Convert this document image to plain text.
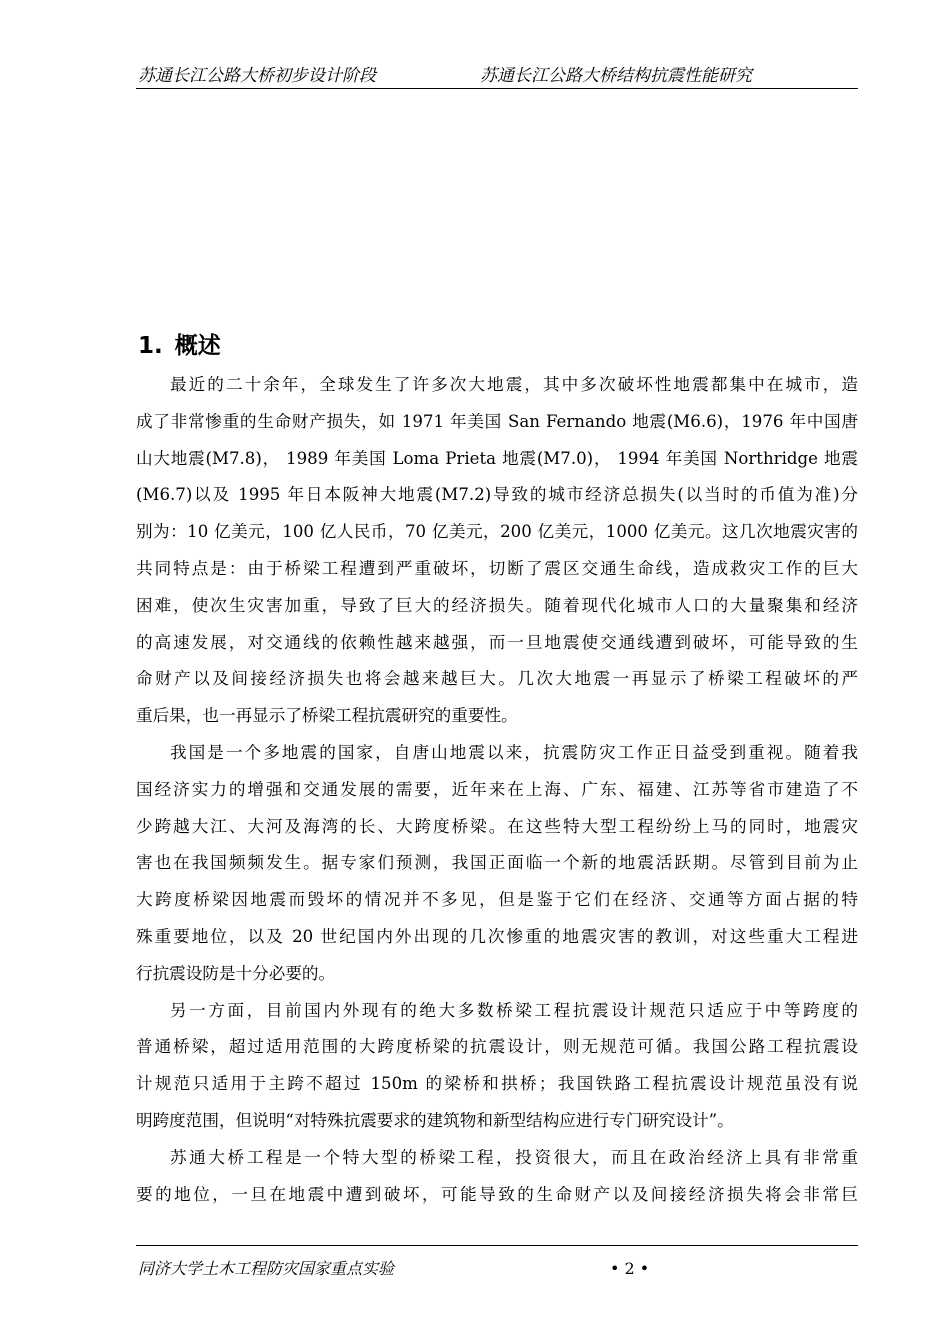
苏通长江公路大桥初步设计阶段	苏通长江公路大桥结构抗震性能研究
1. 概述
最近的二十余年，全球发生了许多次大地震，其中多次破坏性地震都集中在城市，造
成了非常惨重的生命财产损失，如 1971 年美国 San Fernando 地震(M6.6)，1976 年中国唐
山大地震(M7.8)， 1989 年美国 Loma Prieta 地震(M7.0)， 1994 年美国 Northridge 地震
(M6.7)以及 1995 年日本阪神大地震(M7.2)导致的城市经济总损失(以当时的币值为准)分
别为：10 亿美元，100 亿人民币，70 亿美元，200 亿美元，1000 亿美元。这几次地震灾害的
共同特点是：由于桥梁工程遭到严重破坏，切断了震区交通生命线，造成救灾工作的巨大
困难，使次生灾害加重，导致了巨大的经济损失。随着现代化城市人口的大量聚集和经济
的高速发展，对交通线的依赖性越来越强，而一旦地震使交通线遭到破坏，可能导致的生
命财产以及间接经济损失也将会越来越巨大。几次大地震一再显示了桥梁工程破坏的严
重后果，也一再显示了桥梁工程抗震研究的重要性。
我国是一个多地震的国家，自唐山地震以来，抗震防灾工作正日益受到重视。随着我
国经济实力的增强和交通发展的需要，近年来在上海、广东、福建、江苏等省市建造了不
少跨越大江、大河及海湾的长、大跨度桥梁。在这些特大型工程纷纷上马的同时，地震灾
害也在我国频频发生。据专家们预测，我国正面临一个新的地震活跃期。尽管到目前为止
大跨度桥梁因地震而毁坏的情况并不多见，但是鉴于它们在经济、交通等方面占据的特
殊重要地位，以及 20 世纪国内外出现的几次惨重的地震灾害的教训，对这些重大工程进
行抗震设防是十分必要的。
另一方面，目前国内外现有的绝大多数桥梁工程抗震设计规范只适应于中等跨度的
普通桥梁，超过适用范围的大跨度桥梁的抗震设计，则无规范可循。我国公路工程抗震设
计规范只适用于主跨不超过 150m 的梁桥和拱桥；我国铁路工程抗震设计规范虽没有说
明跨度范围，但说明“对特殊抗震要求的建筑物和新型结构应进行专门研究设计”。
苏通大桥工程是一个特大型的桥梁工程，投资很大，而且在政治经济上具有非常重
要的地位，一旦在地震中遭到破坏，可能导致的生命财产以及间接经济损失将会非常巨
同济大学土木工程防灾国家重点实验	• 2 •
